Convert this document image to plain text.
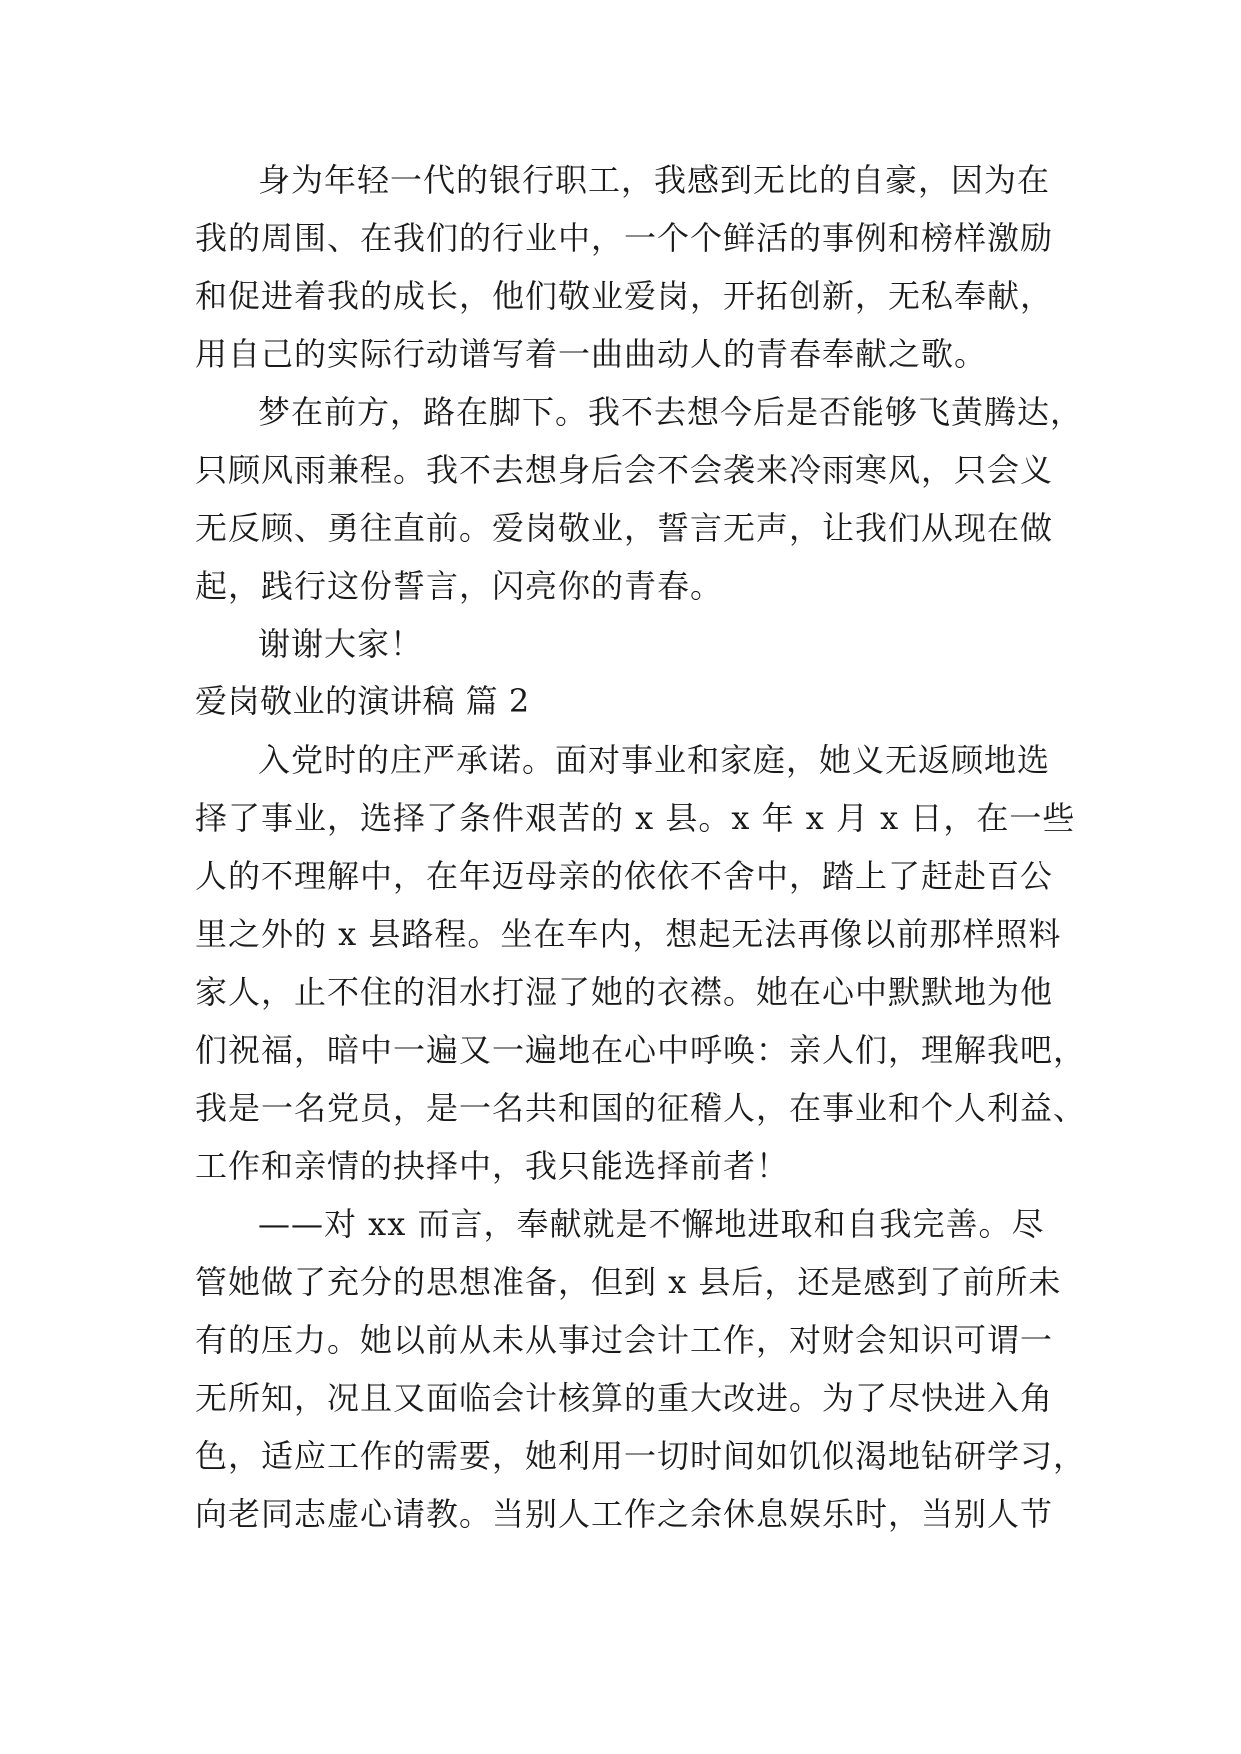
身为年轻一代的银行职工，我感到无比的自豪，因为在
我的周围、在我们的行业中，一个个鲜活的事例和榜样激励
和促进着我的成长，他们敬业爱岗，开拓创新，无私奉献，
用自己的实际行动谱写着一曲曲动人的青春奉献之歌。
梦在前方，路在脚下。我不去想今后是否能够飞黄腾达，
只顾风雨兼程。我不去想身后会不会袭来冷雨寒风，只会义
无反顾、勇往直前。爱岗敬业，誓言无声，让我们从现在做
起，践行这份誓言，闪亮你的青春。
谢谢大家！
爱岗敬业的演讲稿 篇 2
入党时的庄严承诺。面对事业和家庭，她义无返顾地选
择了事业，选择了条件艰苦的 x 县。x 年 x 月 x 日，在一些
人的不理解中，在年迈母亲的依依不舍中，踏上了赶赴百公
里之外的 x 县路程。坐在车内，想起无法再像以前那样照料
家人，止不住的泪水打湿了她的衣襟。她在心中默默地为他
们祝福，暗中一遍又一遍地在心中呼唤：亲人们，理解我吧，
我是一名党员，是一名共和国的征稽人，在事业和个人利益、
工作和亲情的抉择中，我只能选择前者！
——对 xx 而言，奉献就是不懈地进取和自我完善。尽
管她做了充分的思想准备，但到 x 县后，还是感到了前所未
有的压力。她以前从未从事过会计工作，对财会知识可谓一
无所知，况且又面临会计核算的重大改进。为了尽快进入角
色，适应工作的需要，她利用一切时间如饥似渴地钻研学习，
向老同志虚心请教。当别人工作之余休息娱乐时，当别人节
